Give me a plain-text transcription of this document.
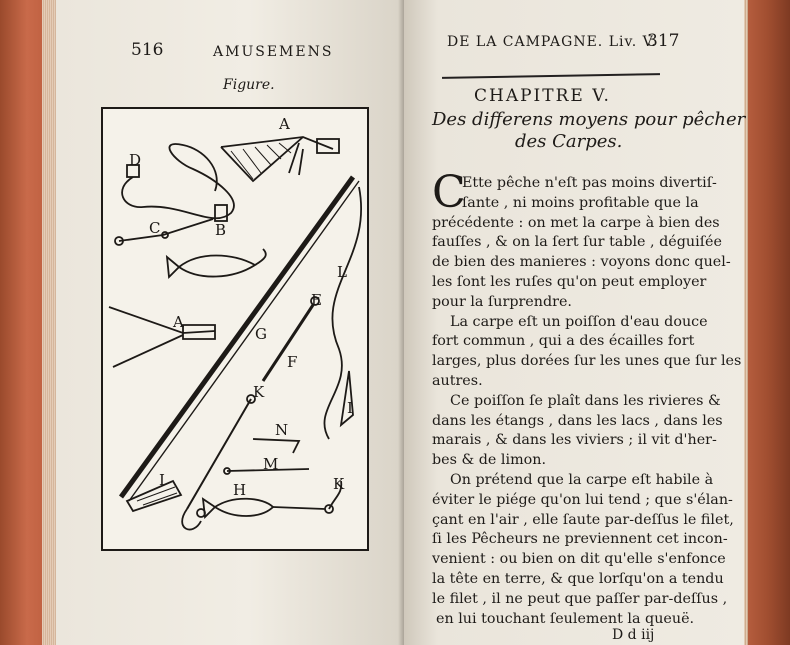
516	AMUSEMENS
Figure.
A
D
B
C
A
L
E
G
F
K
N
M
I
H	K
I
DE LA CAMPAGNE. Liv. V.
317
CHAPITRE V.
Des differens moyens pour pêcher
des Carpes.
C
Ette pêche n'eſt pas moins divertiſ-
ſante , ni moins profitable que la
précédente : on met la carpe à bien des
fauſſes , & on la ſert ſur table , déguiſée
de bien des manieres : voyons donc quel-
les ſont les ruſes qu'on peut employer
pour la ſurprendre.
La carpe eſt un poiſſon d'eau douce
fort commun , qui a des écailles fort
larges, plus dorées ſur les unes que ſur les
autres.
Ce poiſſon ſe plaît dans les rivieres &
dans les étangs , dans les lacs , dans les
marais , & dans les viviers ; il vit d'her-
bes & de limon.
On prétend que la carpe eſt habile à
éviter le piége qu'on lui tend ; que s'élan-
çant en l'air , elle ſaute par-deſſus le filet,
ſi les Pêcheurs ne previennent cet incon-
venient : ou bien on dit qu'elle s'enfonce
la tête en terre, & que lorſqu'on a tendu
le filet , il ne peut que paſſer par-deſſus ,
en lui touchant ſeulement la queuë.
D d iij
